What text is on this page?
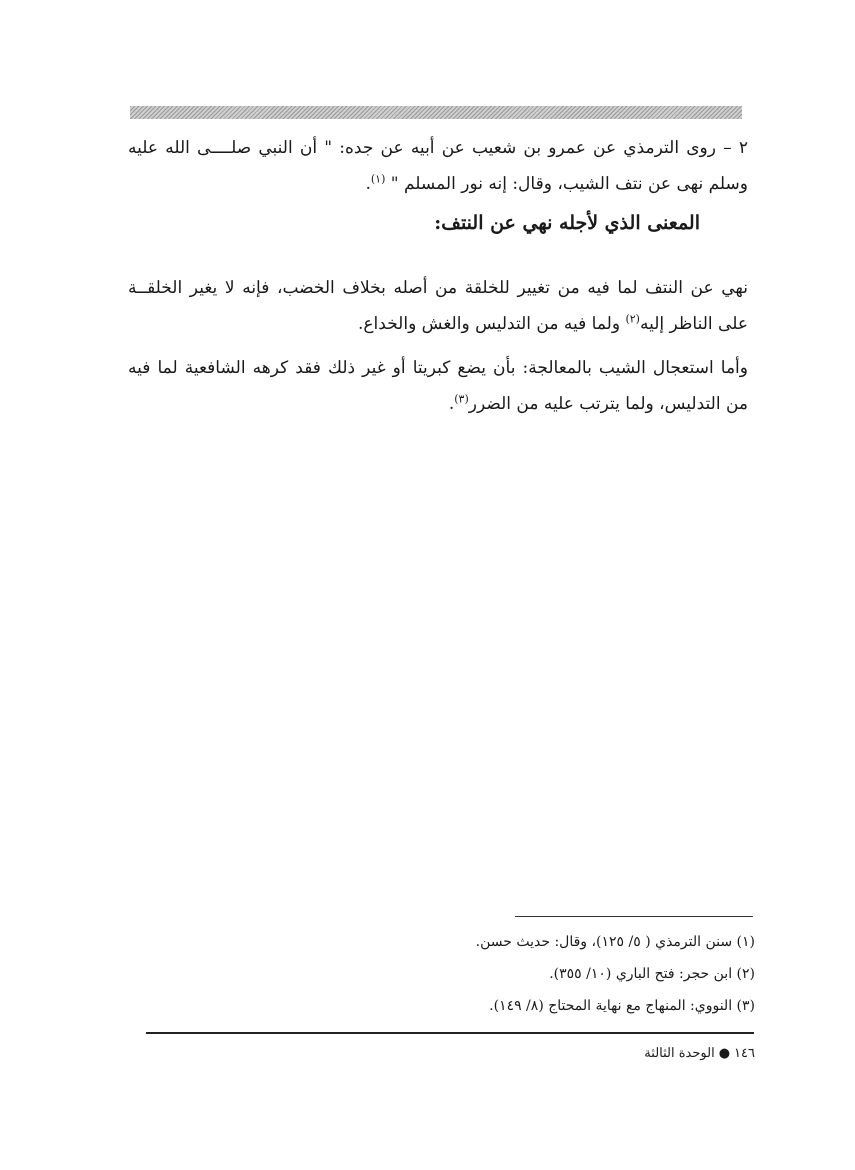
٢ – روى الترمذي عن عمرو بن شعيب عن أبيه عن جده: " أن النبي صلــــى الله عليه وسلم نهى عن نتف الشيب، وقال: إنه نور المسلم " $^{(١)}$.

المعنى الذي لأجله نهي عن النتف:

نهي عن النتف لما فيه من تغيير للخلقة من أصله بخلاف الخضب، فإنه لا يغير الخلقــة على الناظر إليه$^{(٢)}$ ولما فيه من التدليس والغش والخداع.

وأما استعجال الشيب بالمعالجة: بأن يضع كبريتا أو غير ذلك فقد كرهه الشافعية لما فيه من التدليس، ولما يترتب عليه من الضرر$^{(٣)}$.

(١) سنن الترمذي ( ٥/ ١٢٥)، وقال: حديث حسن.

(٢) ابن حجر: فتح الباري (١٠/ ٣٥٥).

(٣) النووي: المنهاج مع نهاية المحتاج (٨/ ١٤٩).

١٤٦●الوحدة الثالثة
